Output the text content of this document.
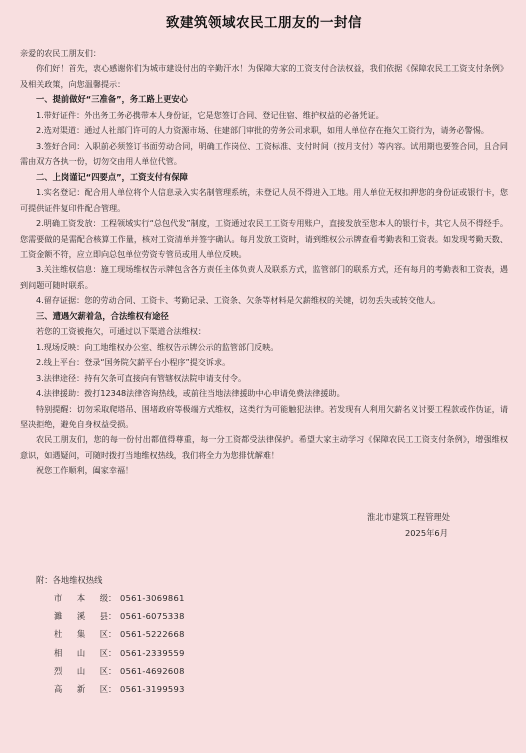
致建筑领域农民工朋友的一封信

亲爱的农民工朋友们：

你们好！首先，衷心感谢你们为城市建设付出的辛勤汗水！为保障大家的工资支付合法权益，我们依据《保障农民工工资支付条例》及相关政策，向您温馨提示：

一、提前做好“三准备”，务工路上更安心

1.带好证件：外出务工务必携带本人身份证，它是您签订合同、登记住宿、维护权益的必备凭证。

2.选对渠道：通过人社部门许可的人力资源市场、住建部门审批的劳务公司求职，如用人单位存在拖欠工资行为，请务必警惕。

3.签好合同：入职前必须签订书面劳动合同，明确工作岗位、工资标准、支付时间（按月支付）等内容。试用期也要签合同，且合同需由双方各执一份，切勿交由用人单位代管。

二、上岗谨记“四要点”，工资支付有保障

1.实名登记：配合用人单位将个人信息录入实名制管理系统，未登记人员不得进入工地。用人单位无权扣押您的身份证或银行卡，您可提供证件复印件配合管理。

2.明确工资发放：工程领域实行“总包代发”制度，工资通过农民工工资专用账户，直接发放至您本人的银行卡，其它人员不得经手。您需要做的是需配合核算工作量，核对工资清单并签字确认。每月发放工资时，请到维权公示牌查看考勤表和工资表。如发现考勤天数、工资金额不符，应立即向总包单位劳资专管员或用人单位反映。

3.关注维权信息：施工现场维权告示牌包含各方责任主体负责人及联系方式，监管部门的联系方式，还有每月的考勤表和工资表，遇到问题可随时联系。

4.留存证据：您的劳动合同、工资卡、考勤记录、工资条、欠条等材料是欠薪维权的关键，切勿丢失或转交他人。

三、遭遇欠薪着急，合法维权有途径

若您的工资被拖欠，可通过以下渠道合法维权：

1.现场反映：向工地维权办公室、维权告示牌公示的监管部门反映。

2.线上平台：登录“国务院欠薪平台小程序”提交诉求。

3.法律途径：持有欠条可直接向有管辖权法院申请支付令。

4.法律援助：拨打12348法律咨询热线，或前往当地法律援助中心申请免费法律援助。

特别提醒：切勿采取爬塔吊、围堵政府等极端方式维权，这类行为可能触犯法律。若发现有人利用欠薪名义讨要工程款或作伪证，请坚决拒绝，避免自身权益受损。

农民工朋友们，您的每一份付出都值得尊重，每一分工资都受法律保护。希望大家主动学习《保障农民工工资支付条例》，增强维权意识，如遇疑问，可随时拨打当地维权热线，我们将全力为您排忧解难！

祝您工作顺利，阖家幸福！

淮北市建筑工程管理处
2025年6月
附：各地维权热线
市本级 ： 0561-3069861
濉溪县 ： 0561-6075338
杜集区 ： 0561-5222668
相山区 ： 0561-2339559
烈山区 ： 0561-4692608
高新区 ： 0561-3199593
